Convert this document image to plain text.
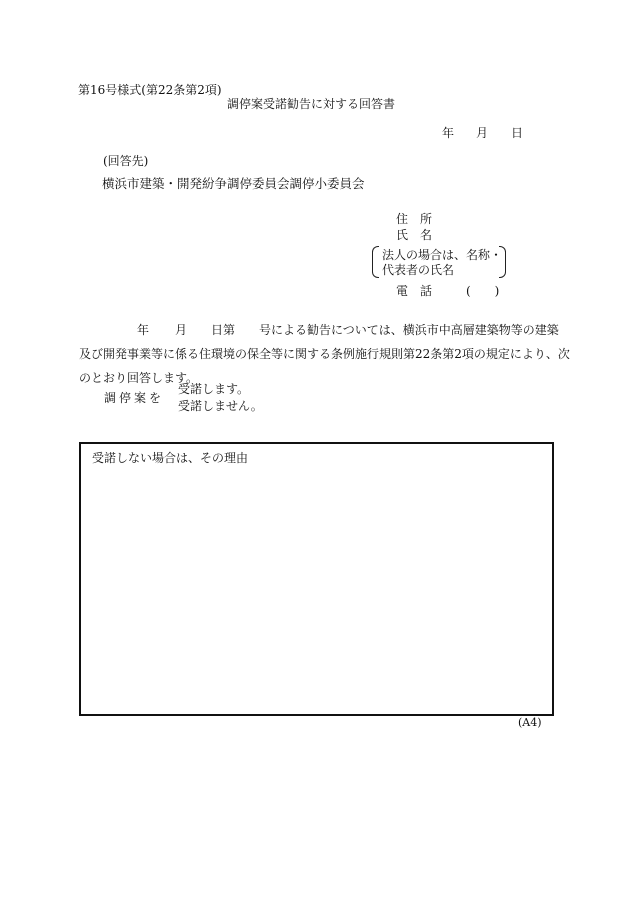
第16号様式(第22条第2項)
調停案受諾勧告に対する回答書
年 月 日
(回答先)
横浜市建築・開発紛争調停委員会調停小委員会
住　所
氏　名
法人の場合は、名称・
代表者の氏名
電　話	(　　)
年 月 日第 号による勧告については、横浜市中高層建築物等の建築
及び開発事業等に係る住環境の保全等に関する条例施行規則第22条第2項の規定により、次
のとおり回答します。
調停案を
受諾します。
受諾しません。
受諾しない場合は、その理由
(A4)
